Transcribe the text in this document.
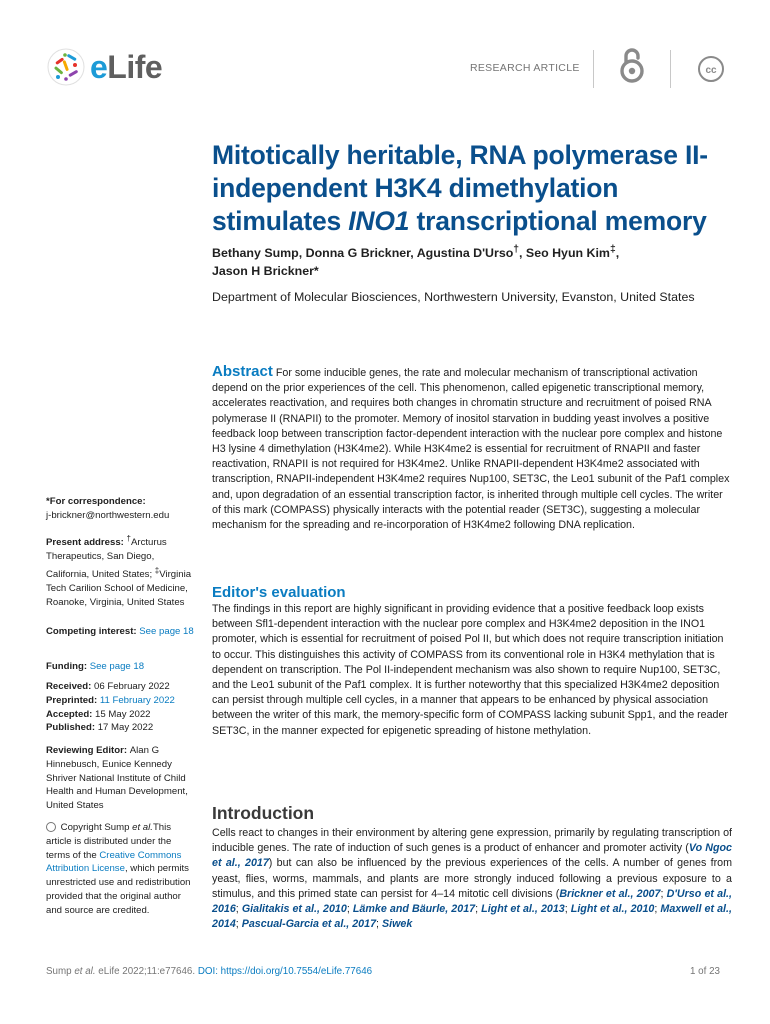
eLife	RESEARCH ARTICLE	cc
Mitotically heritable, RNA polymerase II-independent H3K4 dimethylation stimulates INO1 transcriptional memory
Bethany Sump, Donna G Brickner, Agustina D'Urso†, Seo Hyun Kim‡,
Jason H Brickner*
Department of Molecular Biosciences, Northwestern University, Evanston, United States
Abstract For some inducible genes, the rate and molecular mechanism of transcriptional activation depend on the prior experiences of the cell. This phenomenon, called epigenetic transcriptional memory, accelerates reactivation, and requires both changes in chromatin structure and recruitment of poised RNA polymerase II (RNAPII) to the promoter. Memory of inositol starvation in budding yeast involves a positive feedback loop between transcription factor-dependent interaction with the nuclear pore complex and histone H3 lysine 4 dimethylation (H3K4me2). While H3K4me2 is essential for recruitment of RNAPII and faster reactivation, RNAPII is not required for H3K4me2. Unlike RNAPII-dependent H3K4me2 associated with transcription, RNAPII-independent H3K4me2 requires Nup100, SET3C, the Leo1 subunit of the Paf1 complex and, upon degradation of an essential transcription factor, is inherited through multiple cell cycles. The writer of this mark (COMPASS) physically interacts with the potential reader (SET3C), suggesting a molecular mechanism for the spreading and re-incorporation of H3K4me2 following DNA replication.
*For correspondence:
j-brickner@northwestern.edu
Present address: †Arcturus Therapeutics, San Diego, California, United States; ‡Virginia Tech Carilion School of Medicine, Roanoke, Virginia, United States
Competing interest: See page 18
Funding: See page 18
Received: 06 February 2022
Preprinted: 11 February 2022
Accepted: 15 May 2022
Published: 17 May 2022
Reviewing Editor: Alan G Hinnebusch, Eunice Kennedy Shriver National Institute of Child Health and Human Development, United States
Copyright Sump et al.This article is distributed under the terms of the Creative Commons Attribution License, which permits unrestricted use and redistribution provided that the original author and source are credited.
Editor's evaluation
The findings in this report are highly significant in providing evidence that a positive feedback loop exists between Sfl1-dependent interaction with the nuclear pore complex and H3K4me2 deposition in the INO1 promoter, which is essential for recruitment of poised Pol II, but which does not require transcription initiation to occur. This distinguishes this activity of COMPASS from its conventional role in H3K4 methylation that is dependent on transcription. The Pol II-independent mechanism was also shown to require Nup100, SET3C, and the Leo1 subunit of the Paf1 complex. It is further noteworthy that this specialized H3K4me2 deposition can persist through multiple cell cycles, in a manner that appears to be enhanced by physical association between the writer of this mark, the memory-specific form of COMPASS lacking subunit Spp1, and the reader SET3C, in the manner expected for epigenetic spreading of histone methylation.
Introduction
Cells react to changes in their environment by altering gene expression, primarily by regulating transcription of inducible genes. The rate of induction of such genes is a product of enhancer and promoter activity (Vo Ngoc et al., 2017) but can also be influenced by the previous experiences of the cells. A number of genes from yeast, flies, worms, mammals, and plants are more strongly induced following a previous exposure to a stimulus, and this primed state can persist for 4–14 mitotic cell divisions (Brickner et al., 2007; D'Urso et al., 2016; Gialitakis et al., 2010; Lämke and Bäurle, 2017; Light et al., 2013; Light et al., 2010; Maxwell et al., 2014; Pascual-Garcia et al., 2017; Siwek
Sump et al. eLife 2022;11:e77646. DOI: https://doi.org/10.7554/eLife.77646	1 of 23
